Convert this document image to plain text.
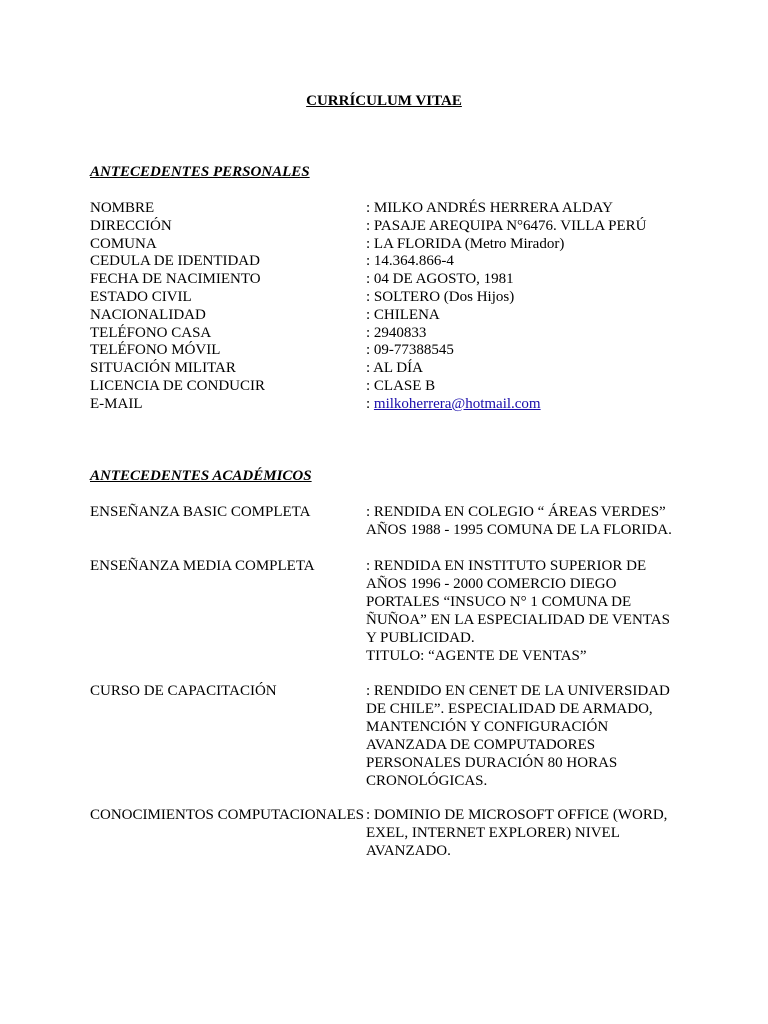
CURRÍCULUM VITAE
ANTECEDENTES PERSONALES
NOMBRE	: MILKO ANDRÉS HERRERA ALDAY
DIRECCIÓN	: PASAJE AREQUIPA N°6476. VILLA PERÚ
COMUNA	: LA FLORIDA (Metro Mirador)
CEDULA DE IDENTIDAD	: 14.364.866-4
FECHA DE NACIMIENTO	: 04 DE AGOSTO, 1981
ESTADO CIVIL	: SOLTERO (Dos Hijos)
NACIONALIDAD	: CHILENA
TELÉFONO CASA	: 2940833
TELÉFONO MÓVIL	: 09-77388545
SITUACIÓN MILITAR	: AL DÍA
LICENCIA DE CONDUCIR	: CLASE B
E-MAIL	: milkoherrera@hotmail.com
ANTECEDENTES ACADÉMICOS
ENSEÑANZA BASIC COMPLETA	: RENDIDA EN COLEGIO “ ÁREAS VERDES”
AÑOS 1988 - 1995 COMUNA DE LA FLORIDA.
ENSEÑANZA MEDIA COMPLETA	: RENDIDA EN INSTITUTO SUPERIOR DE
AÑOS 1996 - 2000 COMERCIO DIEGO
PORTALES “INSUCO N° 1 COMUNA DE
ÑUÑOA” EN LA ESPECIALIDAD DE VENTAS
Y PUBLICIDAD.
TITULO: “AGENTE DE VENTAS”
CURSO DE CAPACITACIÓN	: RENDIDO EN CENET DE LA UNIVERSIDAD
DE CHILE”. ESPECIALIDAD DE ARMADO,
MANTENCIÓN Y CONFIGURACIÓN
AVANZADA DE COMPUTADORES
PERSONALES DURACIÓN 80 HORAS
CRONOLÓGICAS.
CONOCIMIENTOS COMPUTACIONALES : DOMINIO DE MICROSOFT OFFICE (WORD,
EXEL, INTERNET EXPLORER) NIVEL
AVANZADO.
